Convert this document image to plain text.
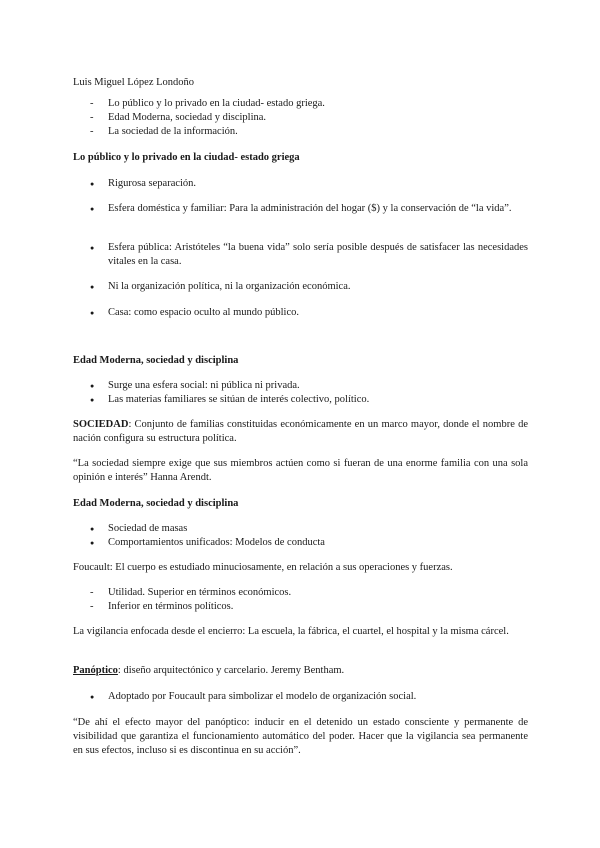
Luis Miguel López Londoño
- Lo público y lo privado en la ciudad- estado griega.
- Edad Moderna, sociedad y disciplina.
- La sociedad de la información.
Lo público y lo privado en la ciudad- estado griega
● Rigurosa separación.
● Esfera doméstica y familiar: Para la administración del hogar ($) y la conservación de “la vida”.
● Esfera pública: Aristóteles “la buena vida” solo sería posible después de satisfacer las necesidades vitales en la casa.
● Ni la organización política, ni la organización económica.
● Casa: como espacio oculto al mundo público.
Edad Moderna, sociedad y disciplina
● Surge una esfera social: ni pública ni privada.
● Las materias familiares se sitúan de interés colectivo, político.
SOCIEDAD: Conjunto de familias constituidas económicamente en un marco mayor, donde el nombre de nación configura su estructura política.
“La sociedad siempre exige que sus miembros actúen como si fueran de una enorme familia con una sola opinión e interés” Hanna Arendt.
Edad Moderna, sociedad y disciplina
● Sociedad de masas
● Comportamientos unificados: Modelos de conducta
Foucault: El cuerpo es estudiado minuciosamente, en relación a sus operaciones y fuerzas.
- Utilidad. Superior en términos económicos.
- Inferior en términos políticos.
La vigilancia enfocada desde el encierro: La escuela, la fábrica, el cuartel, el hospital y la misma cárcel.
Panóptico: diseño arquitectónico y carcelario. Jeremy Bentham.
● Adoptado por Foucault para simbolizar el modelo de organización social.
“De ahí el efecto mayor del panóptico: inducir en el detenido un estado consciente y permanente de visibilidad que garantiza el funcionamiento automático del poder. Hacer que la vigilancia sea permanente en sus efectos, incluso si es discontinua en su acción”.
